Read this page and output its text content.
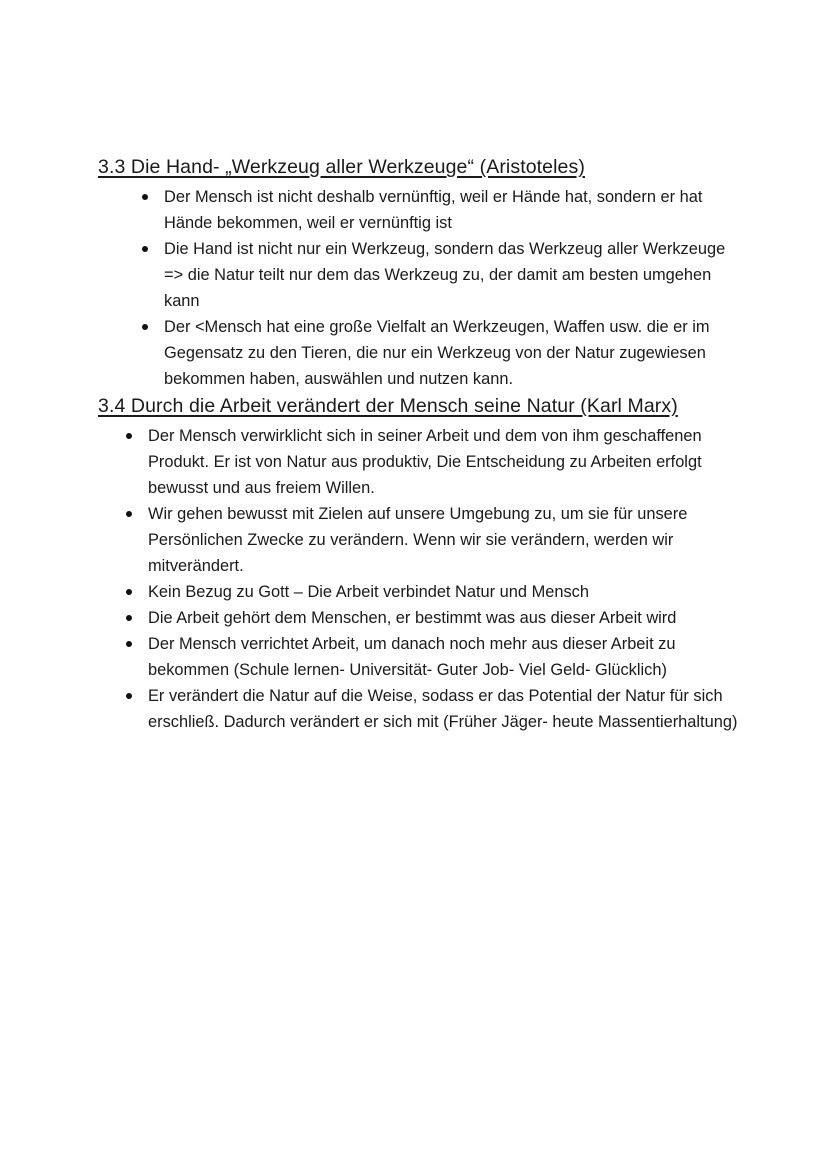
3.3 Die Hand- „Werkzeug aller Werkzeuge“ (Aristoteles)
Der Mensch ist nicht deshalb vernünftig, weil er Hände hat, sondern er hat Hände bekommen, weil er vernünftig ist
Die Hand ist nicht nur ein Werkzeug, sondern das Werkzeug aller Werkzeuge => die Natur teilt nur dem das Werkzeug zu, der damit am besten umgehen kann
Der <Mensch hat eine große Vielfalt an Werkzeugen, Waffen usw. die er im Gegensatz zu den Tieren, die nur ein Werkzeug von der Natur zugewiesen bekommen haben, auswählen und nutzen kann.
3.4 Durch die Arbeit verändert der Mensch seine Natur (Karl Marx)
Der Mensch verwirklicht sich in seiner Arbeit und dem von ihm geschaffenen Produkt. Er ist von Natur aus produktiv, Die Entscheidung zu Arbeiten erfolgt bewusst und aus freiem Willen.
Wir gehen bewusst mit Zielen auf unsere Umgebung zu, um sie für unsere Persönlichen Zwecke zu verändern. Wenn wir sie verändern, werden wir mitverändert.
Kein Bezug zu Gott – Die Arbeit verbindet Natur und Mensch
Die Arbeit gehört dem Menschen, er bestimmt was aus dieser Arbeit wird
Der Mensch verrichtet Arbeit, um danach noch mehr aus dieser Arbeit zu bekommen (Schule lernen- Universität- Guter Job- Viel Geld- Glücklich)
Er verändert die Natur auf die Weise, sodass er das Potential der Natur für sich erschließ. Dadurch verändert er sich mit (Früher Jäger- heute Massentierhaltung)
